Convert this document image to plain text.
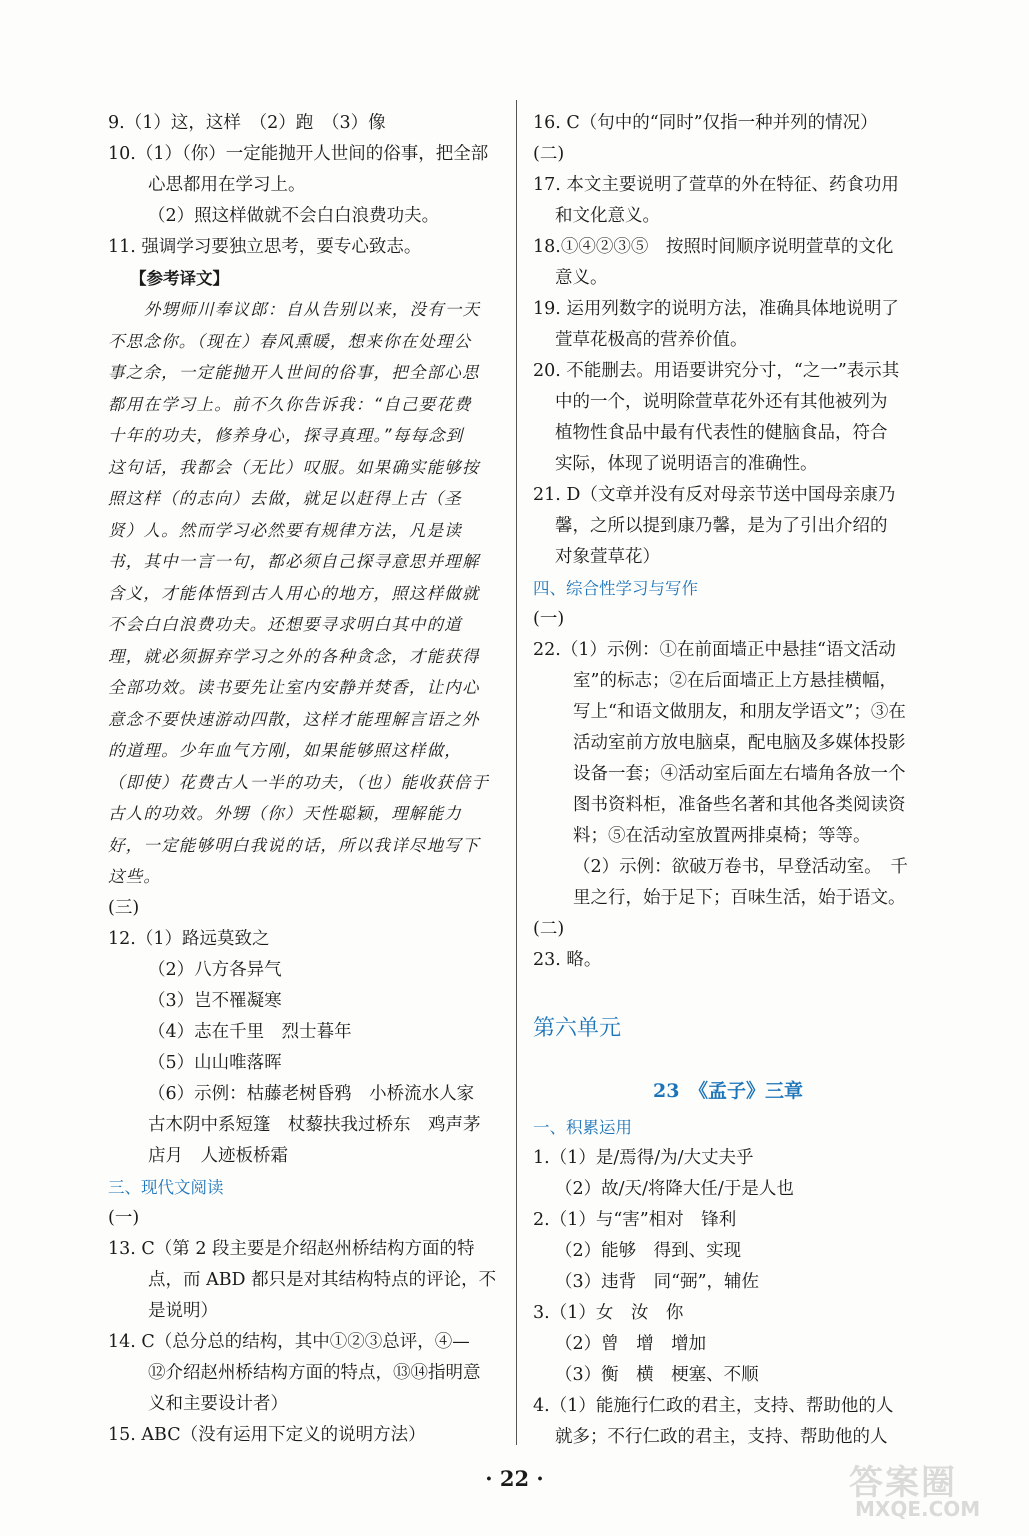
9.（1）这，这样　（2）跑　（3）像
10.（1）（你）一定能抛开人世间的俗事，把全部
心思都用在学习上。
（2）照这样做就不会白白浪费功夫。
11. 强调学习要独立思考，要专心致志。
【参考译文】
外甥师川奉议郎：自从告别以来，没有一天
不思念你。（现在）春风熏暖，想来你在处理公
事之余，一定能抛开人世间的俗事，把全部心思
都用在学习上。前不久你告诉我：“自己要花费
十年的功夫，修养身心，探寻真理。”每每念到
这句话，我都会（无比）叹服。如果确实能够按
照这样（的志向）去做，就足以赶得上古（圣
贤）人。然而学习必然要有规律方法，凡是读
书，其中一言一句，都必须自己探寻意思并理解
含义，才能体悟到古人用心的地方，照这样做就
不会白白浪费功夫。还想要寻求明白其中的道
理，就必须摒弃学习之外的各种贪念，才能获得
全部功效。读书要先让室内安静并焚香，让内心
意念不要快速游动四散，这样才能理解言语之外
的道理。少年血气方刚，如果能够照这样做，
（即使）花费古人一半的功夫，（也）能收获倍于
古人的功效。外甥（你）天性聪颖，理解能力
好，一定能够明白我说的话，所以我详尽地写下
这些。
(三)
12.（1）路远莫致之
（2）八方各异气
（3）岂不罹凝寒
（4）志在千里　烈士暮年
（5）山山唯落晖
（6）示例：枯藤老树昏鸦　小桥流水人家
古木阴中系短篷　杖藜扶我过桥东　鸡声茅
店月　人迹板桥霜
三、现代文阅读
(一)
13. C（第 2 段主要是介绍赵州桥结构方面的特
点，而 ABD 都只是对其结构特点的评论，不
是说明）
14. C（总分总的结构，其中①②③总评，④—
⑫介绍赵州桥结构方面的特点，⑬⑭指明意
义和主要设计者）
15. ABC（没有运用下定义的说明方法）
16. C（句中的“同时”仅指一种并列的情况）
(二)
17. 本文主要说明了萱草的外在特征、药食功用
和文化意义。
18.①④②③⑤　按照时间顺序说明萱草的文化
意义。
19. 运用列数字的说明方法，准确具体地说明了
萱草花极高的营养价值。
20. 不能删去。用语要讲究分寸，“之一”表示其
中的一个，说明除萱草花外还有其他被列为
植物性食品中最有代表性的健脑食品，符合
实际，体现了说明语言的准确性。
21. D（文章并没有反对母亲节送中国母亲康乃
馨，之所以提到康乃馨，是为了引出介绍的
对象萱草花）
四、综合性学习与写作
(一)
22.（1）示例：①在前面墙正中悬挂“语文活动
室”的标志；②在后面墙正上方悬挂横幅，
写上“和语文做朋友，和朋友学语文”；③在
活动室前方放电脑桌，配电脑及多媒体投影
设备一套；④活动室后面左右墙角各放一个
图书资料柜，准备些名著和其他各类阅读资
料；⑤在活动室放置两排桌椅；等等。
（2）示例：欲破万卷书，早登活动室。　千
里之行，始于足下；百味生活，始于语文。
(二)
23. 略。
第六单元
23　《孟子》三章
一、积累运用
1.（1）是/焉得/为/大丈夫乎
（2）故/天/将降大任/于是人也
2.（1）与“害”相对　锋利
（2）能够　得到、实现
（3）违背　同“弼”，辅佐
3.（1）女　汝　你
（2）曾　增　增加
（3）衡　横　梗塞、不顺
4.（1）能施行仁政的君主，支持、帮助他的人
就多；不行仁政的君主，支持、帮助他的人
· 22 ·	答案圈
MXQE.COM
